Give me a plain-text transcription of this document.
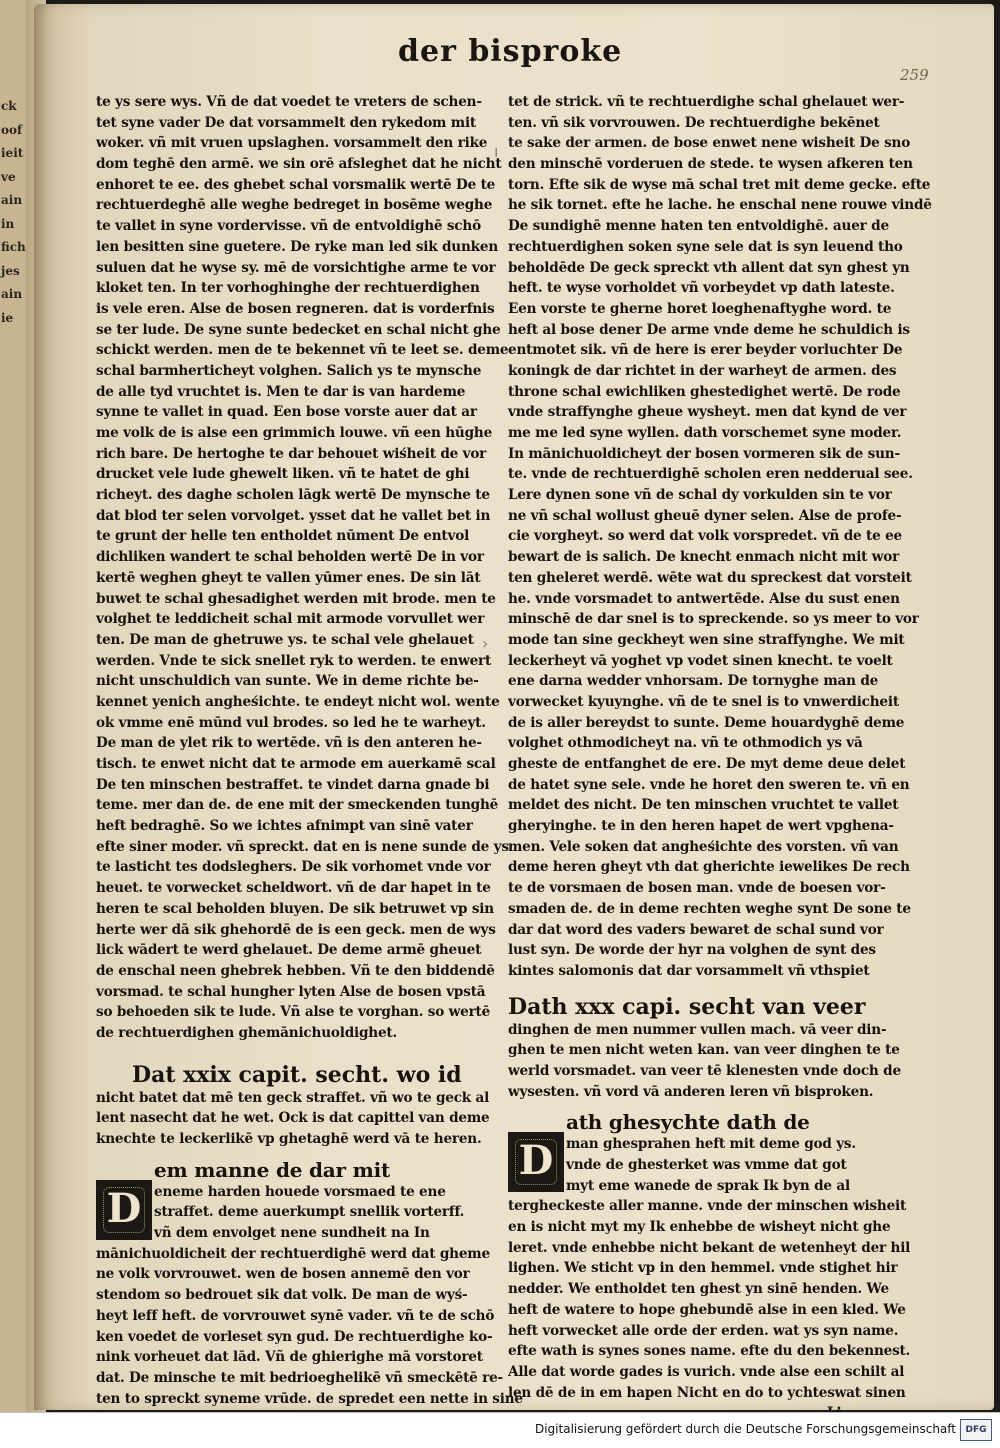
ck
oof
ieit
ve
ain
in
fich
jes
ain
ie
der bisproke
259
ı
›
te ys sere wys. Vñ de dat voedet te vreters de schen-
tet syne vader De dat vorsammelt den rykedom mit
woker. vñ mit vruen upslaghen. vorsammelt den rike
dom teghē den armē. we sin orē afsleghet dat he nicht
enhoret te ee. des ghebet schal vorsmalik wertē De te
rechtuerdeghē alle weghe bedreget in bosēme weghe
te vallet in syne vordervisse. vñ de entvoldighē schō
len besitten sine guetere. De ryke man led sik dunken
suluen dat he wyse sy. mē de vorsichtighe arme te vor
kloket ten. In ter vorhoghinghe der rechtuerdighen
is vele eren. Alse de bosen regneren. dat is vorderfnis
se ter lude. De syne sunte bedecket en schal nicht ghe
schickt werden. men de te bekennet vñ te leet se. deme
schal barmherticheyt volghen. Salich ys te mynsche
de alle tyd vruchtet is. Men te dar is van hardeme
synne te vallet in quad. Een bose vorste auer dat ar
me volk de is alse een grimmich louwe. vñ een hūghe
rich bare. De hertoghe te dar behouet wiśheit de vor
drucket vele lude ghewelt liken. vñ te hatet de ghi
richeyt. des daghe scholen lāgk wertē De mynsche te
dat blod ter selen vorvolget. ysset dat he vallet bet in
te grunt der helle ten entholdet nūment De entvol
dichliken wandert te schal beholden wertē De in vor
kertē weghen gheyt te vallen yūmer enes. De sin lāt
buwet te schal ghesadighet werden mit brode. men te
volghet te leddicheit schal mit armode vorvullet wer
ten. De man de ghetruwe ys. te schal vele ghelauet
werden. Vnde te sick snellet ryk to werden. te enwert
nicht unschuldich van sunte. We in deme richte be-
kennet yenich angheśichte. te endeyt nicht wol. wente
ok vmme enē mūnd vul brodes. so led he te warheyt.
De man de ylet rik to wertēde. vñ is den anteren he-
tisch. te enwet nicht dat te armode em auerkamē scal
De ten minschen bestraffet. te vindet darna gnade bi
teme. mer dan de. de ene mit der smeckenden tunghē
heft bedraghē. So we ichtes afnimpt van sinē vater
efte siner moder. vñ spreckt. dat en is nene sunde de ys
te lasticht tes dodsleghers. De sik vorhomet vnde vor
heuet. te vorwecket scheldwort. vñ de dar hapet in te
heren te scal beholden bluyen. De sik betruwet vp sin
herte wer dā sik ghehordē de is een geck. men de wys
lick wādert te werd ghelauet. De deme armē gheuet
de enschal neen ghebrek hebben. Vñ te den biddendē
vorsmad. te schal hungher lyten Alse de bosen vpstā
so behoeden sik te lude. Vñ alse te vorghan. so wertē
de rechtuerdighen ghemānichuoldighet.
Dat xxix capit. secht. wo id
nicht batet dat mē ten geck straffet. vñ wo te geck al
lent nasecht dat he wet. Ock is dat capittel van deme
knechte te leckerlikē vp ghetaghē werd vā te heren.
D
em manne de dar mit
eneme harden houede vorsmaed te ene
straffet. deme auerkumpt snellik vorterff.
vñ dem envolget nene sundheit na In
mānichuoldicheit der rechtuerdighē werd dat gheme
ne volk vorvrouwet. wen de bosen annemē den vor
stendom so bedrouet sik dat volk. De man de wyś-
heyt leff heft. de vorvrouwet synē vader. vñ te de schō
ken voedet de vorleset syn gud. De rechtuerdighe ko-
nink vorheuet dat lād. Vñ de ghierighe mā vorstoret
dat. De minsche te mit bedrioeghelikē vñ smeckētē re-
ten to spreckt syneme vrūde. de spredet een nette in sinē
tet de strick. vñ te rechtuerdighe schal ghelauet wer-
ten. vñ sik vorvrouwen. De rechtuerdighe bekēnet
te sake der armen. de bose enwet nene wisheit De sno
den minschē vorderuen de stede. te wysen afkeren ten
torn. Efte sik de wyse mā schal tret mit deme gecke. efte
he sik tornet. efte he lache. he enschal nene rouwe vindē
De sundighē menne haten ten entvoldighē. auer de
rechtuerdighen soken syne sele dat is syn leuend tho
beholdēde De geck spreckt vth allent dat syn ghest yn
heft. te wyse vorholdet vñ vorbeydet vp dath lateste.
Een vorste te gherne horet loeghenaftyghe word. te
heft al bose dener De arme vnde deme he schuldich is
entmotet sik. vñ de here is erer beyder vorluchter De
koningk de dar richtet in der warheyt de armen. des
throne schal ewichliken ghestedighet wertē. De rode
vnde straffynghe gheue wysheyt. men dat kynd de ver
me me led syne wyllen. dath vorschemet syne moder.
In mānichuoldicheyt der bosen vormeren sik de sun-
te. vnde de rechtuerdighē scholen eren nedderual see.
Lere dynen sone vñ de schal dy vorkulden sin te vor
ne vñ schal wollust gheuē dyner selen. Alse de profe-
cie vorgheyt. so werd dat volk vorspredet. vñ de te ee
bewart de is salich. De knecht enmach nicht mit wor
ten gheleret werdē. wēte wat du spreckest dat vorsteit
he. vnde vorsmadet to antwertēde. Alse du sust enen
minschē de dar snel is to spreckende. so ys meer to vor
mode tan sine geckheyt wen sine straffynghe. We mit
leckerheyt vā yoghet vp vodet sinen knecht. te voelt
ene darna wedder vnhorsam. De tornyghe man de
vorwecket kyuynghe. vñ de te snel is to vnwerdicheit
de is aller bereydst to sunte. Deme houardyghē deme
volghet othmodicheyt na. vñ te othmodich ys vā
gheste de entfanghet de ere. De myt deme deue delet
de hatet syne sele. vnde he horet den sweren te. vñ en
meldet des nicht. De ten minschen vruchtet te vallet
gheryinghe. te in den heren hapet de wert vpghena-
men. Vele soken dat angheśichte des vorsten. vñ van
deme heren gheyt vth dat gherichte iewelikes De rech
te de vorsmaen de bosen man. vnde de boesen vor-
smaden de. de in deme rechten weghe synt De sone te
dar dat word des vaders bewaret de schal sund vor
lust syn. De worde der hyr na volghen de synt des
kintes salomonis dat dar vorsammelt vñ vthspiet
Dath xxx capi. secht van veer
dinghen de men nummer vullen mach. vā veer din-
ghen te men nicht weten kan. van veer dinghen te te
werld vorsmadet. van veer tē klenesten vnde doch de
wysesten. vñ vord vā anderen leren vñ bisproken.
D
ath ghesychte dath de
man ghesprahen heft mit deme god ys.
vnde de ghesterket was vmme dat got
myt eme wanede de sprak Ik byn de al
tergheckeste aller manne. vnde der minschen wisheit
en is nicht myt my Ik enhebbe de wisheyt nicht ghe
leret. vnde enhebbe nicht bekant de wetenheyt der hil
lighen. We sticht vp in den hemmel. vnde stighet hir
nedder. We entholdet ten ghest yn sinē henden. We
heft de watere to hope ghebundē alse in een kled. We
heft vorwecket alle orde der erden. wat ys syn name.
efte wath is synes sones name. efte du den bekennest.
Alle dat worde gades is vurich. vnde alse een schilt al
len dē de in em hapen Nicht en do to ychteswat sinen
Digitalisierung gefördert durch die Deutsche Forschungsgemeinschaft	DFG
